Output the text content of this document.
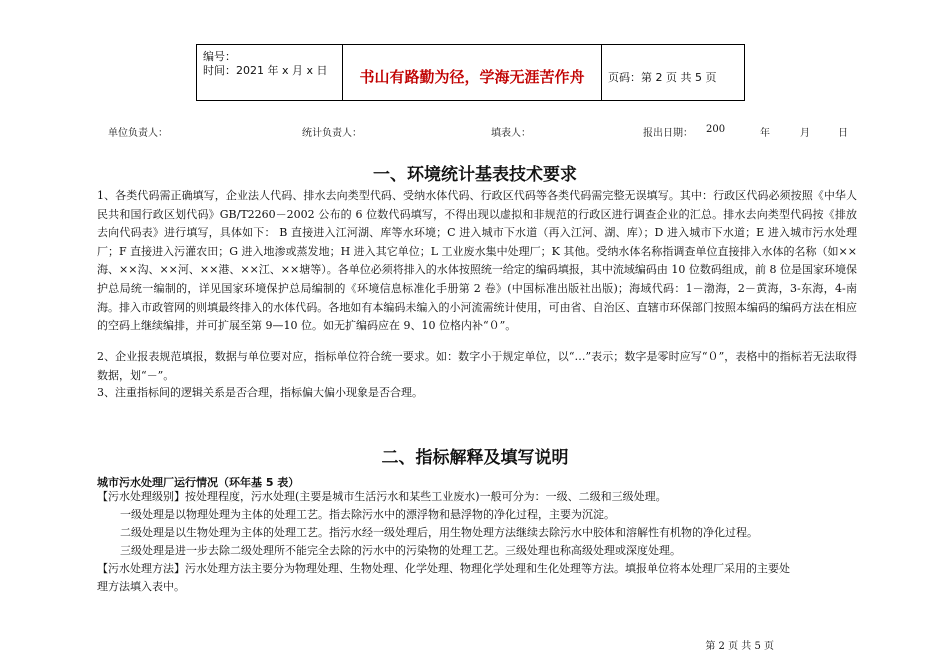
编号：
时间：2021 年 x 月 x 日	书山有路勤为径，学海无涯苦作舟	页码：第 2 页 共 5 页
单位负责人：	统计负责人：	填表人：	报出日期： 200	年	月	日
一、环境统计基表技术要求

1、各类代码需正确填写，企业法人代码、排水去向类型代码、受纳水体代码、行政区代码等各类代码需完整无误填写。其中：行政区代码必须按照《中华人民共和国行政区划代码》GB/T2260－2002 公布的 6 位数代码填写，不得出现以虚拟和非规范的行政区进行调查企业的汇总。排水去向类型代码按《排放去向代码表》进行填写，具体如下： B 直接进入江河湖、库等水环境；C 进入城市下水道（再入江河、湖、库）；D 进入城市下水道；E 进入城市污水处理厂；F 直接进入污灌农田；G 进入地渗或蒸发地；H 进入其它单位；L 工业废水集中处理厂；K 其他。受纳水体名称指调查单位直接排入水体的名称（如××海、××沟、××河、××港、××江、××塘等）。各单位必须将排入的水体按照统一给定的编码填报，其中流域编码由 10 位数码组成，前 8 位是国家环境保护总局统一编制的，详见国家环境保护总局编制的《环境信息标准化手册第 2 卷》(中国标准出版社出版)；海域代码：1－渤海，2－黄海，3-东海，4-南海。排入市政管网的则填最终排入的水体代码。各地如有本编码未编入的小河流需统计使用，可由省、自治区、直辖市环保部门按照本编码的编码方法在相应的空码上继续编排，并可扩展至第 9—10 位。如无扩编码应在 9、10 位格内补“０”。

2、企业报表规范填报，数据与单位要对应，指标单位符合统一要求。如：数字小于规定单位，以“…”表示；数字是零时应写“０”，表格中的指标若无法取得数据，划“－”。

3、注重指标间的逻辑关系是否合理，指标偏大偏小现象是否合理。

二、指标解释及填写说明

城市污水处理厂运行情况（环年基 5 表）

【污水处理级别】按处理程度，污水处理(主要是城市生活污水和某些工业废水)一般可分为：一级、二级和三级处理。

一级处理是以物理处理为主体的处理工艺。指去除污水中的漂浮物和悬浮物的净化过程，主要为沉淀。

二级处理是以生物处理为主体的处理工艺。指污水经一级处理后，用生物处理方法继续去除污水中胶体和溶解性有机物的净化过程。

三级处理是进一步去除二级处理所不能完全去除的污水中的污染物的处理工艺。三级处理也称高级处理或深度处理。

【污水处理方法】污水处理方法主要分为物理处理、生物处理、化学处理、物理化学处理和生化处理等方法。填报单位将本处理厂采用的主要处

理方法填入表中。

第 2 页 共 5 页
